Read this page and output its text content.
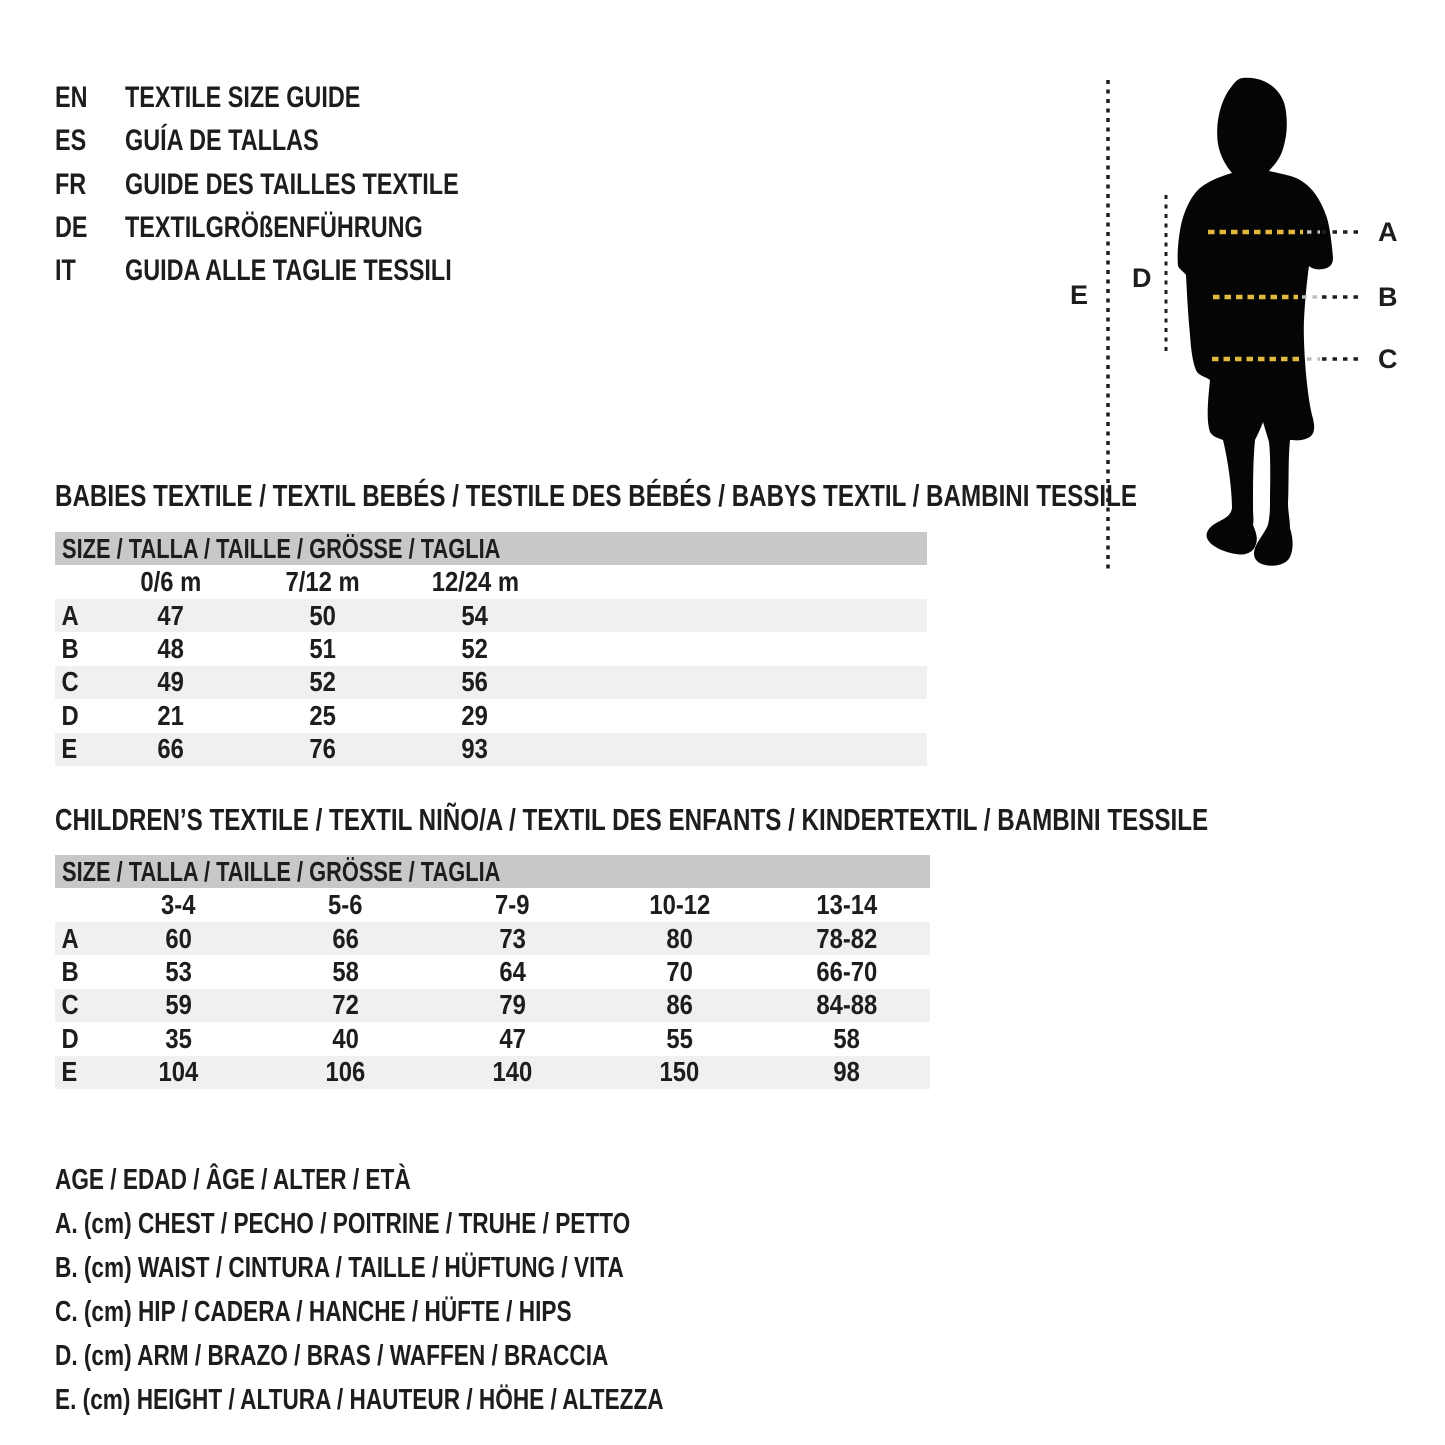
EN	TEXTILE SIZE GUIDE
ES GUÍA DE TALLAS
FR GUIDE DES TAILLES TEXTILE
DE	TEXTILGRÖßENFÜHRUNG
IT GUIDA ALLE TAGLIE TESSILI
BABIES TEXTILE / TEXTIL BEBÉS / TESTILE DES BÉBÉS / BABYS TEXTIL / BAMBINI TESSILE
SIZE / TALLA / TAILLE / GRÖSSE / TAGLIA
0/6 m	7/12 m	12/24 m
A	47	50	54
B	48	51	52
C	49	52	56
D	21	25	29
E	66	76	93
CHILDREN’S TEXTILE / TEXTIL NIÑO/A / TEXTIL DES ENFANTS / KINDERTEXTIL / BAMBINI TESSILE
SIZE / TALLA / TAILLE / GRÖSSE / TAGLIA
3-4	5-6	7-9	10-12	13-14
A	60	66	73	80	78-82
B	53	58	64	70	66-70
C	59	72	79	86	84-88
D	35	40	47	55	58
E	104	106	140	150	98
AGE / EDAD / ÂGE / ALTER / ETÀ
A. (cm) CHEST / PECHO / POITRINE / TRUHE / PETTO
B. (cm) WAIST / CINTURA / TAILLE / HÜFTUNG / VITA
C. (cm) HIP / CADERA / HANCHE / HÜFTE / HIPS
D. (cm) ARM / BRAZO / BRAS / WAFFEN / BRACCIA
E. (cm) HEIGHT / ALTURA / HAUTEUR / HÖHE / ALTEZZA
A
B
C
D
E
